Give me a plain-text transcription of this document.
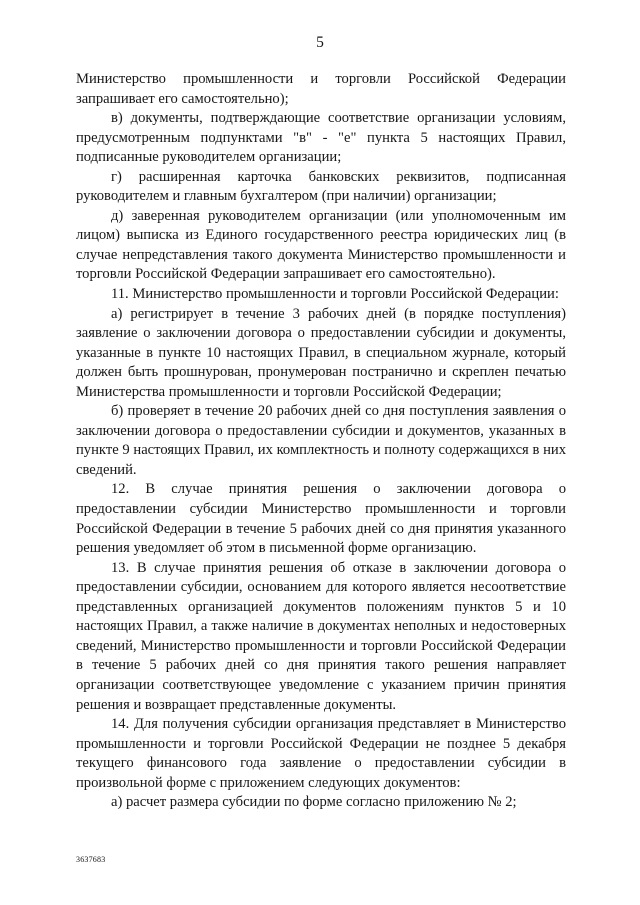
5

Министерство промышленности и торговли Российской Федерации запрашивает его самостоятельно);

в) документы, подтверждающие соответствие организации условиям, предусмотренным подпунктами "в" - "е" пункта 5 настоящих Правил, подписанные руководителем организации;

г) расширенная карточка банковских реквизитов, подписанная руководителем и главным бухгалтером (при наличии) организации;

д) заверенная руководителем организации (или уполномоченным им лицом) выписка из Единого государственного реестра юридических лиц (в случае непредставления такого документа Министерство промышленности и торговли Российской Федерации запрашивает его самостоятельно).

11. Министерство промышленности и торговли Российской Федерации:

а) регистрирует в течение 3 рабочих дней (в порядке поступления) заявление о заключении договора о предоставлении субсидии и документы, указанные в пункте 10 настоящих Правил, в специальном журнале, который должен быть прошнурован, пронумерован постранично и скреплен печатью Министерства промышленности и торговли Российской Федерации;

б) проверяет в течение 20 рабочих дней со дня поступления заявления о заключении договора о предоставлении субсидии и документов, указанных в пункте 9 настоящих Правил, их комплектность и полноту содержащихся в них сведений.

12. В случае принятия решения о заключении договора о предоставлении субсидии Министерство промышленности и торговли Российской Федерации в течение 5 рабочих дней со дня принятия указанного решения уведомляет об этом в письменной форме организацию.

13. В случае принятия решения об отказе в заключении договора о предоставлении субсидии, основанием для которого является несоответствие представленных организацией документов положениям пунктов 5 и 10 настоящих Правил, а также наличие в документах неполных и недостоверных сведений, Министерство промышленности и торговли Российской Федерации в течение 5 рабочих дней со дня принятия такого решения направляет организации соответствующее уведомление с указанием причин принятия решения и возвращает представленные документы.

14. Для получения субсидии организация представляет в Министерство промышленности и торговли Российской Федерации не позднее 5 декабря текущего финансового года заявление о предоставлении субсидии в произвольной форме с приложением следующих документов:

а) расчет размера субсидии по форме согласно приложению № 2;

3637683
